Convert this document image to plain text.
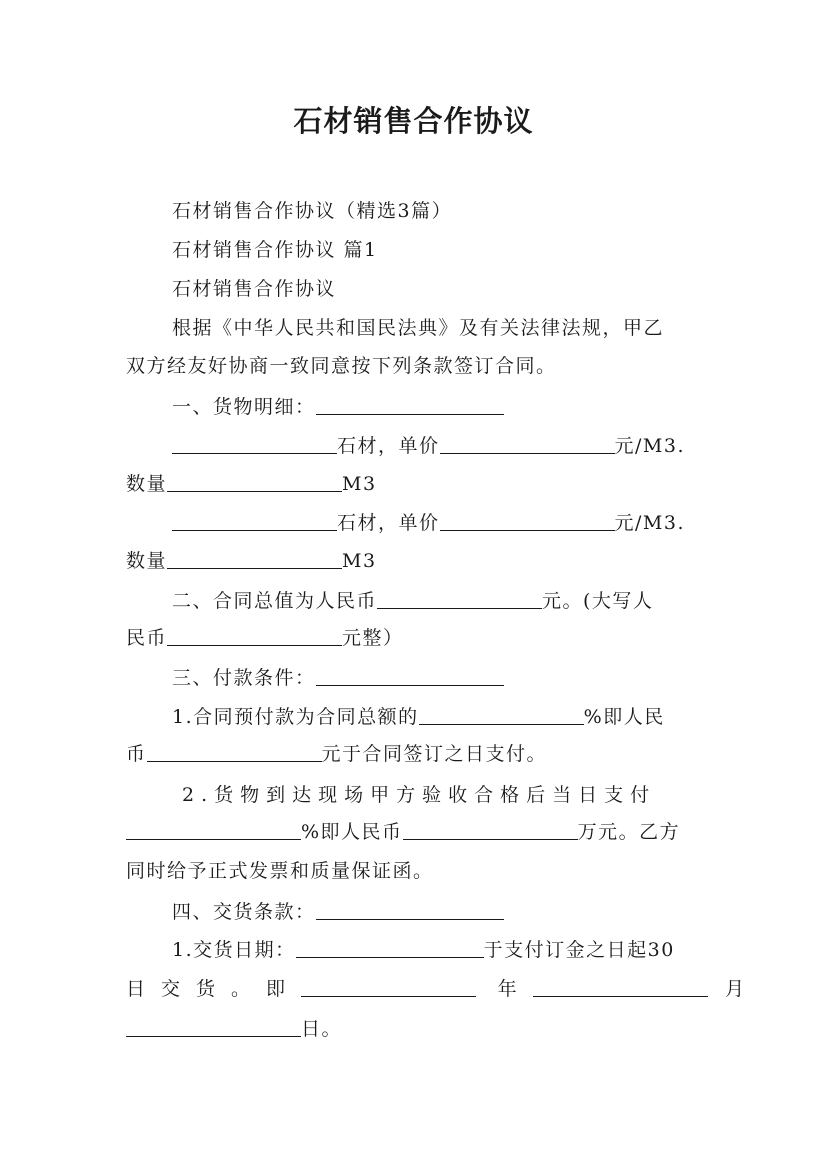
石材销售合作协议
石材销售合作协议（精选3篇）
石材销售合作协议 篇1
石材销售合作协议
根据《中华人民共和国民法典》及有关法律法规，甲乙
双方经友好协商一致同意按下列条款签订合同。
一、货物明细：
石材，单价	元/M3.
数量	M3
石材，单价	元/M3.
数量	M3
二、合同总值为人民币	元。(大写人
民币	元整）
三、付款条件：
1.合同预付款为合同总额的	%即人民
币	元于合同签订之日支付。
2.货物到达现场甲方验收合格后当日支付
%即人民币	万元。乙方
同时给予正式发票和质量保证函。
四、交货条款：
1.交货日期：	于支付订金之日起30
日交货。即	年	月
日。
